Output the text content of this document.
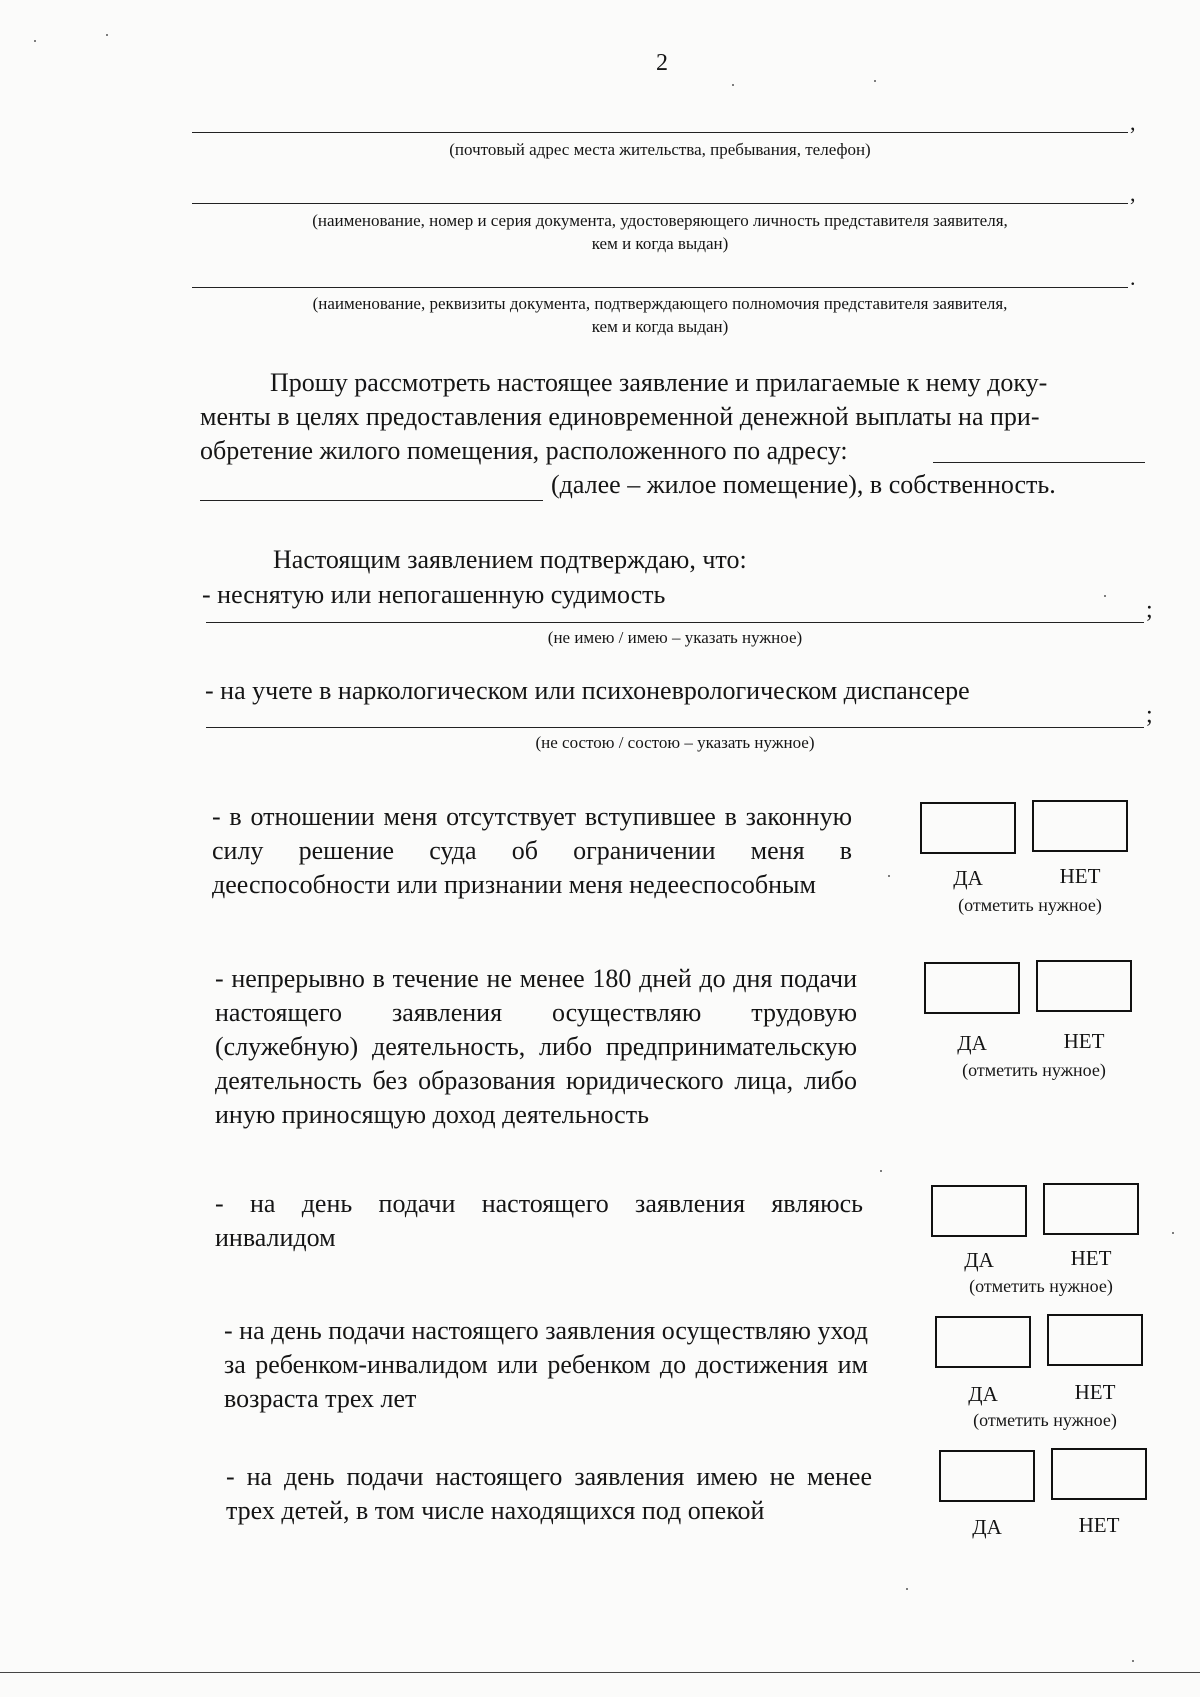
2
,
(почтовый адрес места жительства, пребывания, телефон)
,
(наименование, номер и серия документа, удостоверяющего личность представителя заявителя,
кем и когда выдан)
.
(наименование, реквизиты документа, подтверждающего полномочия представителя заявителя,
кем и когда выдан)
Прошу рассмотреть настоящее заявление и прилагаемые к нему доку-
менты в целях предоставления единовременной денежной выплаты на при-
обретение жилого помещения, расположенного по адресу:
(далее – жилое помещение), в собственность.
Настоящим заявлением подтверждаю, что:
- неснятую или непогашенную судимость
;
(не имею / имею – указать нужное)
- на учете в наркологическом или психоневрологическом диспансере
;
(не состою / состою – указать нужное)
- в отношении меня отсутствует вступившее в законную силу решение суда об ограничении меня в дееспособности или признании меня недееспособным	ДА	НЕТ
(отметить нужное)
- непрерывно в течение не менее 180 дней до дня подачи настоящего заявления осуществляю трудовую (служебную) деятельность, либо предпринимательскую деятельность без образования юридического лица, либо иную приносящую доход деятельность
ДА	НЕТ
(отметить нужное)
- на день подачи настоящего заявления являюсь инвалидом
ДА	НЕТ
(отметить нужное)
- на день подачи настоящего заявления осуществляю уход за ребенком-инвалидом или ребенком до достижения им возраста трех лет	ДА	НЕТ
(отметить нужное)
- на день подачи настоящего заявления имею не менее трех детей, в том числе находящихся под опекой
ДА	НЕТ
